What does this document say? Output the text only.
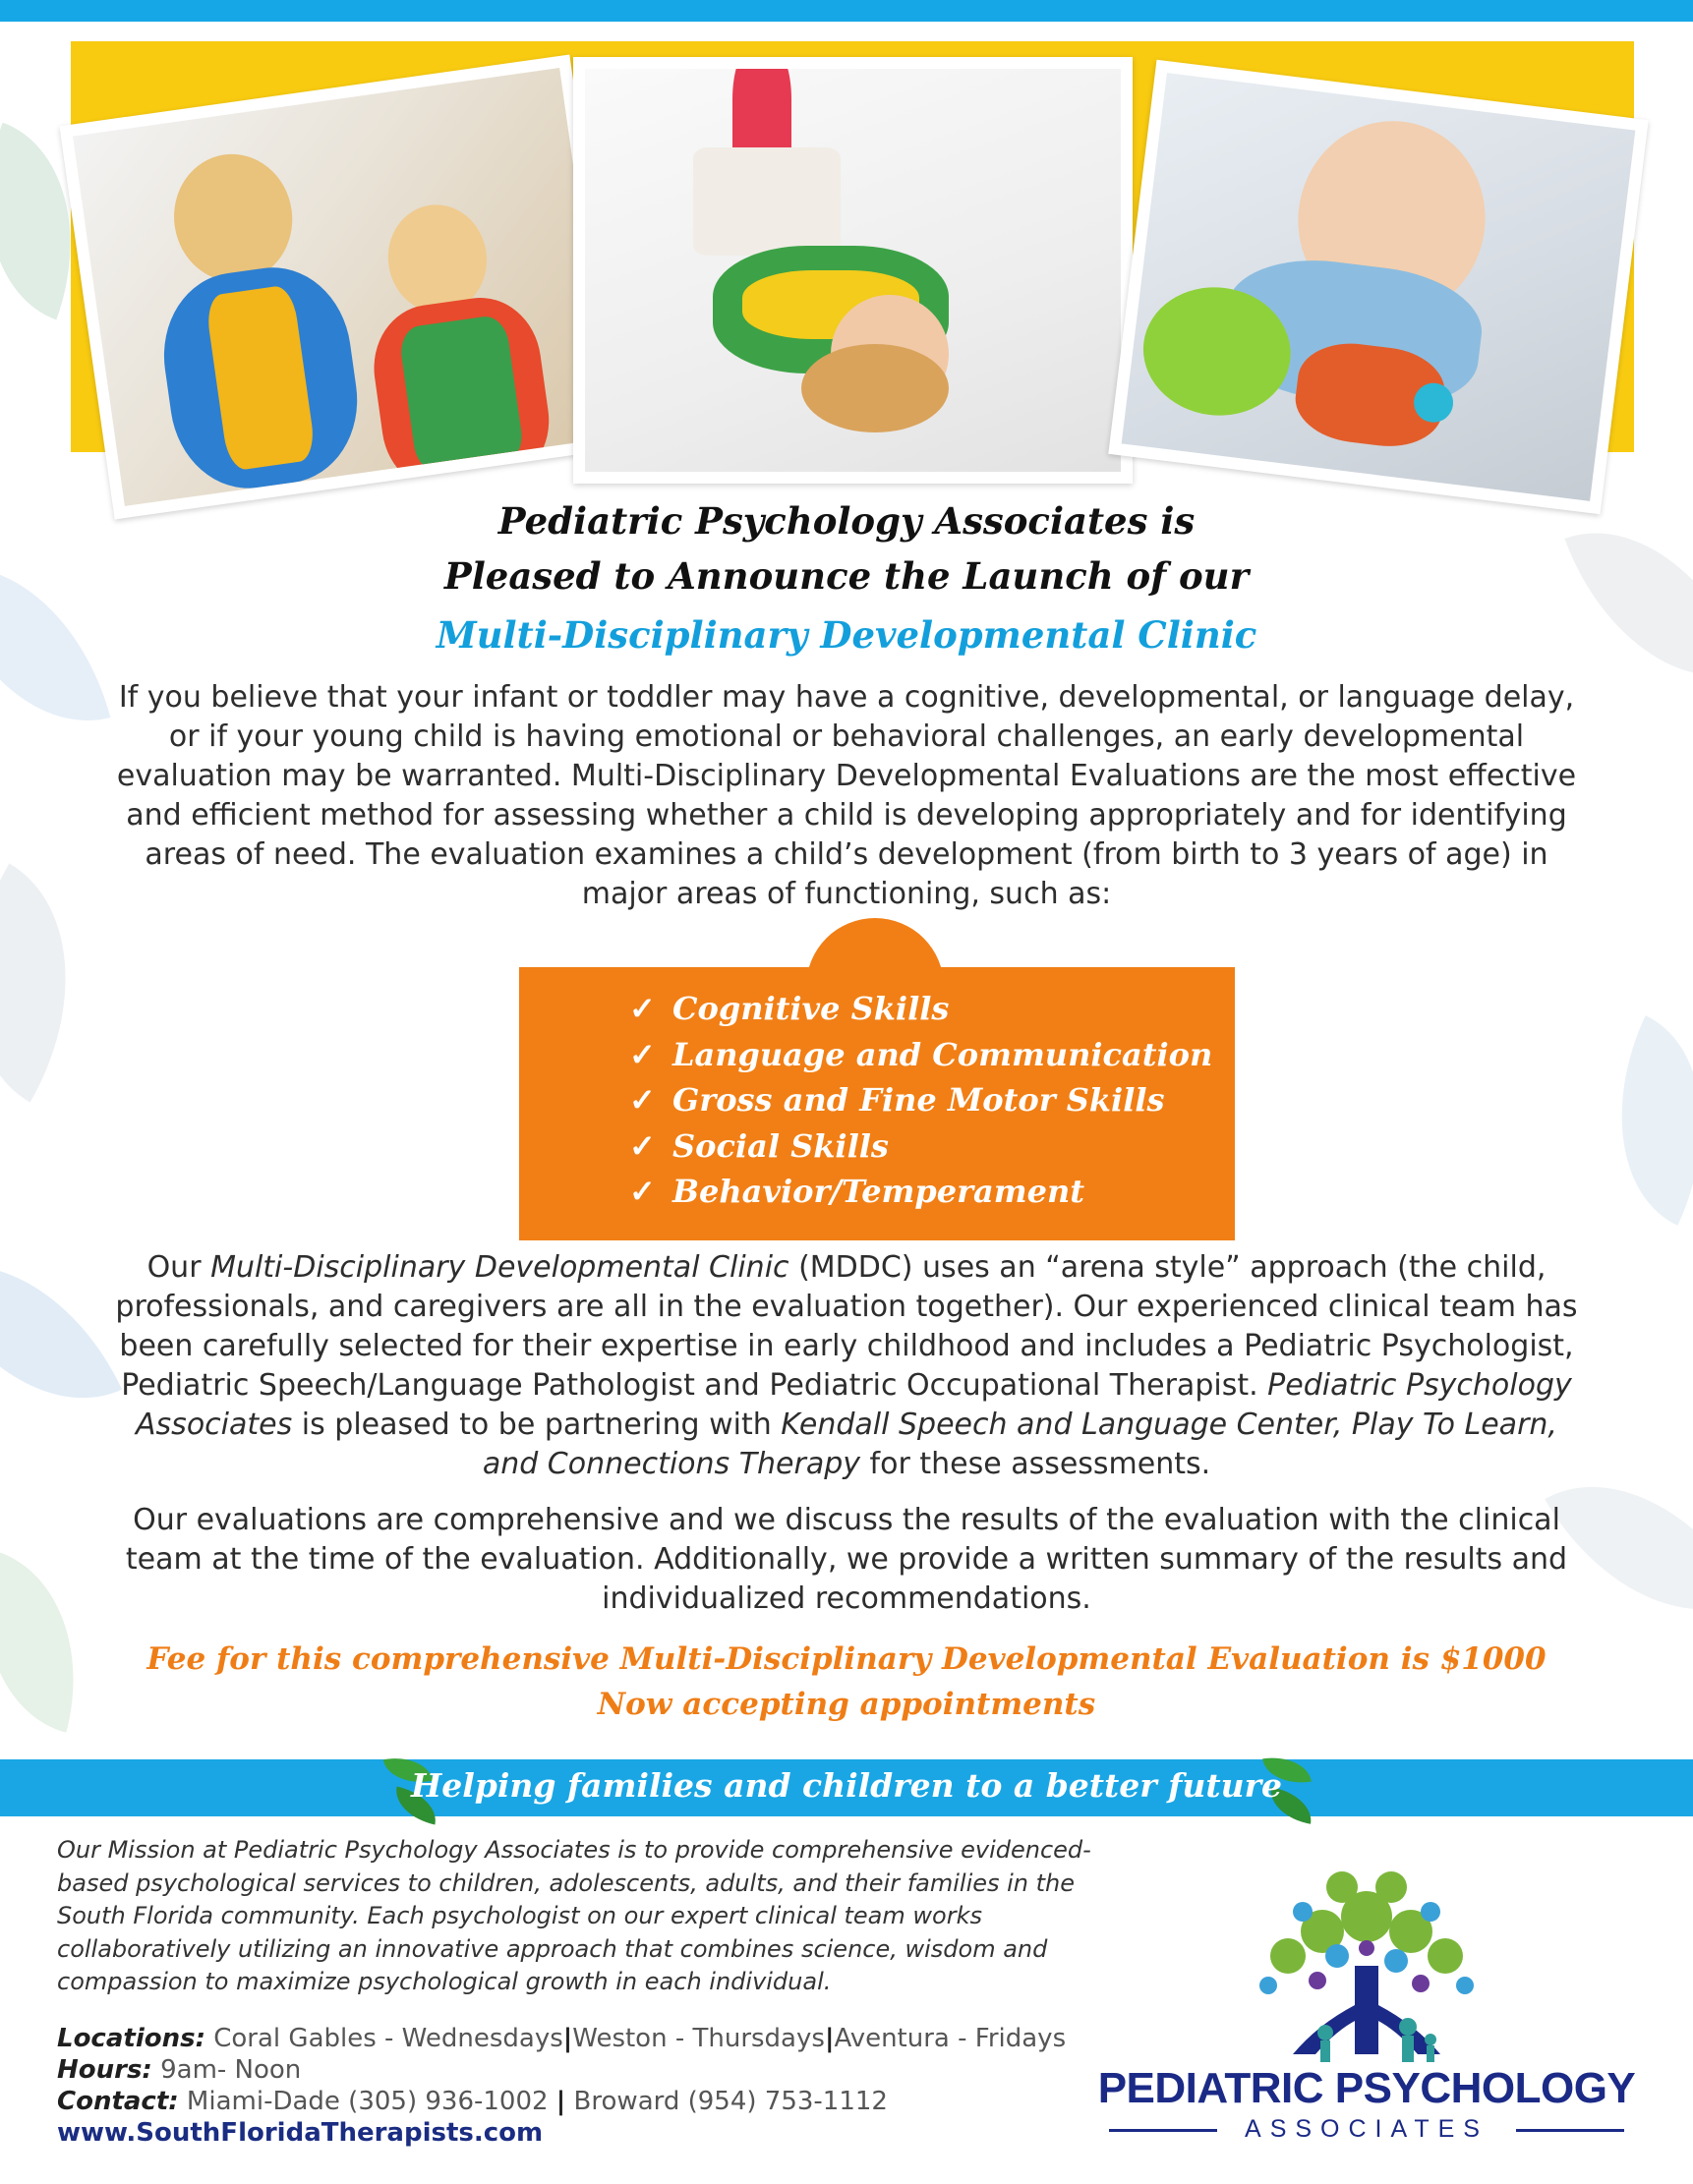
Pediatric Psychology Associates is
Pleased to Announce the Launch of our
Multi-Disciplinary Developmental Clinic
If you believe that your infant or toddler may have a cognitive, developmental, or language delay, or if your young child is having emotional or behavioral challenges, an early developmental evaluation may be warranted. Multi-Disciplinary Developmental Evaluations are the most effective and efficient method for assessing whether a child is developing appropriately and for identifying areas of need. The evaluation examines a child’s development (from birth to 3 years of age) in major areas of functioning, such as:
✓ Cognitive Skills
✓ Language and Communication
✓ Gross and Fine Motor Skills
✓ Social Skills
✓ Behavior/Temperament
Our Multi-Disciplinary Developmental Clinic (MDDC) uses an “arena style” approach (the child, professionals, and caregivers are all in the evaluation together). Our experienced clinical team has been carefully selected for their expertise in early childhood and includes a Pediatric Psychologist, Pediatric Speech/Language Pathologist and Pediatric Occupational Therapist. Pediatric Psychology Associates is pleased to be partnering with Kendall Speech and Language Center, Play To Learn, and Connections Therapy for these assessments.
Our evaluations are comprehensive and we discuss the results of the evaluation with the clinical team at the time of the evaluation. Additionally, we provide a written summary of the results and individualized recommendations.
Fee for this comprehensive Multi-Disciplinary Developmental Evaluation is $1000
Now accepting appointments
Helping families and children to a better future
Our Mission at Pediatric Psychology Associates is to provide comprehensive evidenced-based psychological services to children, adolescents, adults, and their families in the South Florida community. Each psychologist on our expert clinical team works collaboratively utilizing an innovative approach that combines science, wisdom and compassion to maximize psychological growth in each individual.
Locations: Coral Gables - Wednesdays|Weston - Thursdays|Aventura - Fridays
Hours: 9am- Noon
Contact: Miami-Dade (305) 936-1002 | Broward (954) 753-1112
www.SouthFloridaTherapists.com
PEDIATRIC PSYCHOLOGY
ASSOCIATES
